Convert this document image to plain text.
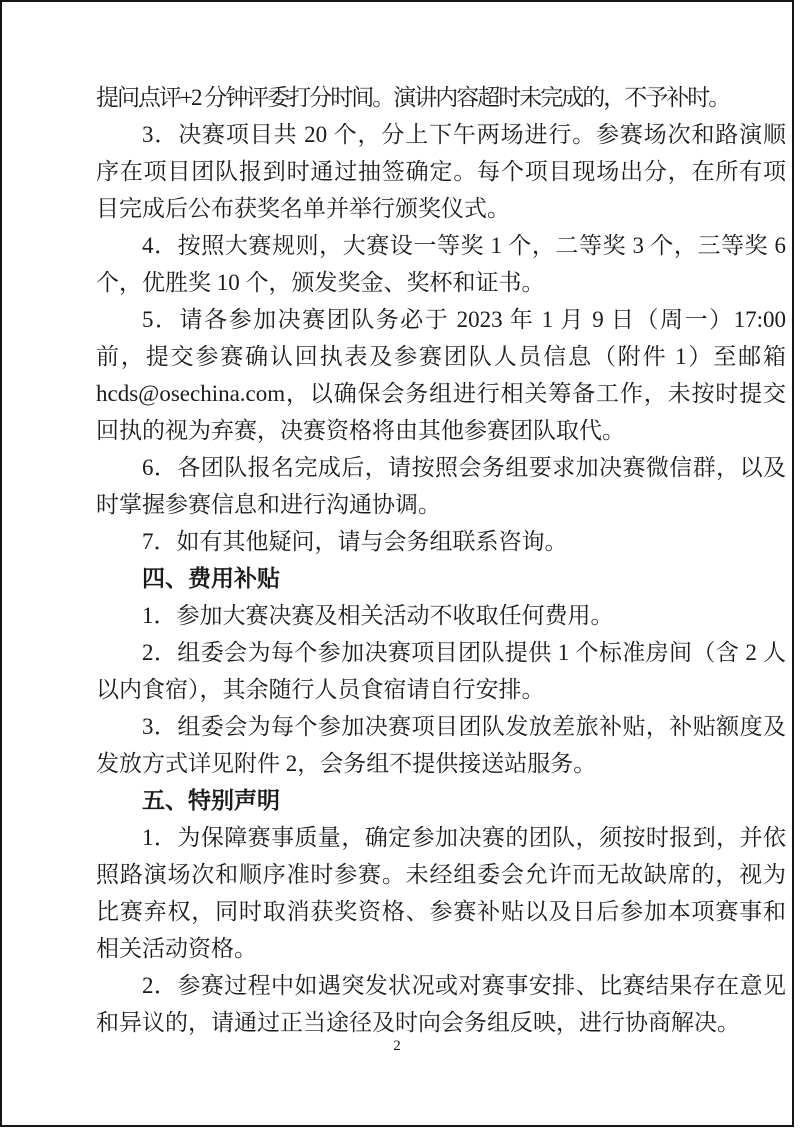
提问点评+2 分钟评委打分时间。演讲内容超时未完成的，不予补时。
3．决赛项目共 20 个，分上下午两场进行。参赛场次和路演顺
序在项目团队报到时通过抽签确定。每个项目现场出分，在所有项
目完成后公布获奖名单并举行颁奖仪式。
4．按照大赛规则，大赛设一等奖 1 个，二等奖 3 个，三等奖 6
个，优胜奖 10 个，颁发奖金、奖杯和证书。
5．请各参加决赛团队务必于 2023 年 1 月 9 日（周一）17:00
前，提交参赛确认回执表及参赛团队人员信息（附件 1）至邮箱
hcds@osechina.com，以确保会务组进行相关筹备工作，未按时提交
回执的视为弃赛，决赛资格将由其他参赛团队取代。
6．各团队报名完成后，请按照会务组要求加决赛微信群，以及
时掌握参赛信息和进行沟通协调。
7．如有其他疑问，请与会务组联系咨询。
四、费用补贴
1．参加大赛决赛及相关活动不收取任何费用。
2．组委会为每个参加决赛项目团队提供 1 个标准房间（含 2 人
以内食宿），其余随行人员食宿请自行安排。
3．组委会为每个参加决赛项目团队发放差旅补贴，补贴额度及
发放方式详见附件 2，会务组不提供接送站服务。
五、特别声明
1．为保障赛事质量，确定参加决赛的团队，须按时报到，并依
照路演场次和顺序准时参赛。未经组委会允许而无故缺席的，视为
比赛弃权，同时取消获奖资格、参赛补贴以及日后参加本项赛事和
相关活动资格。
2．参赛过程中如遇突发状况或对赛事安排、比赛结果存在意见
和异议的，请通过正当途径及时向会务组反映，进行协商解决。
2
